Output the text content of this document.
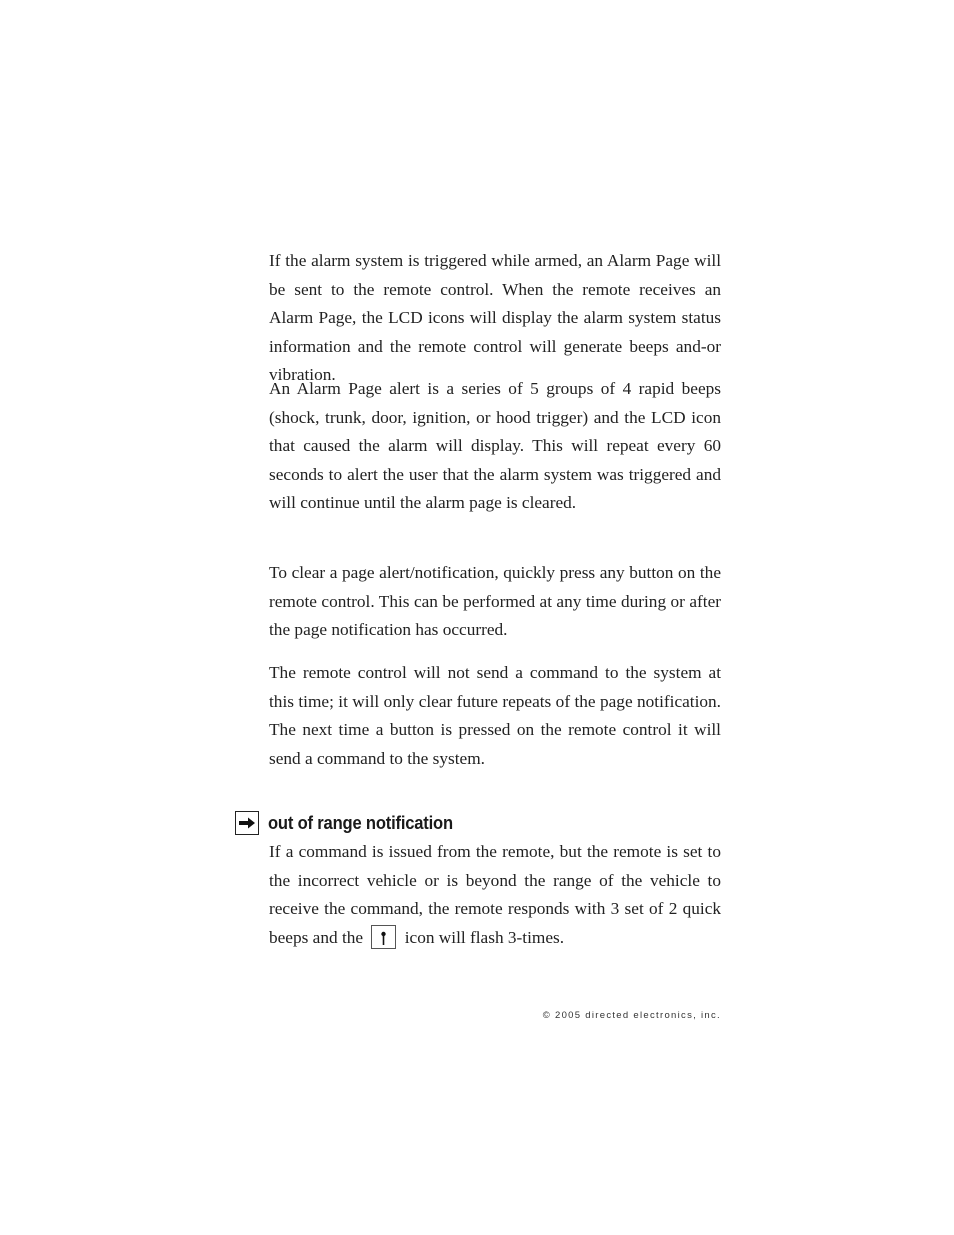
If the alarm system is triggered while armed, an Alarm Page will be sent to the remote control. When the remote receives an Alarm Page, the LCD icons will display the alarm system status information and the remote control will generate beeps and-or vibration.

An Alarm Page alert is a series of 5 groups of 4 rapid beeps (shock, trunk, door, ignition, or hood trigger) and the LCD icon that caused the alarm will display. This will repeat every 60 seconds to alert the user that the alarm system was triggered and will continue until the alarm page is cleared.

To clear a page alert/notification, quickly press any button on the remote control. This can be performed at any time during or after the page notification has occurred.

The remote control will not send a command to the system at this time; it will only clear future repeats of the page notification. The next time a button is pressed on the remote control it will send a command to the system.

out of range notification

If a command is issued from the remote, but the remote is set to the incorrect vehicle or is beyond the range of the vehicle to receive the command, the remote responds with 3 set of 2 quick beeps and the icon will flash 3-times.

© 2005 directed electronics, inc.
